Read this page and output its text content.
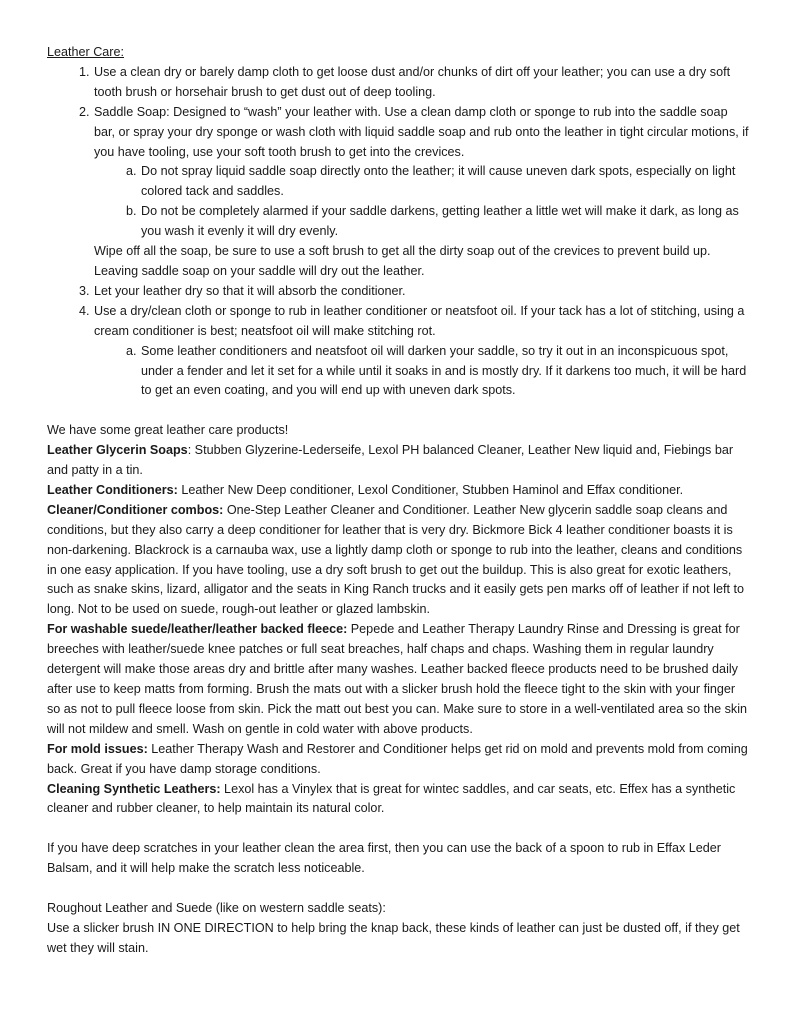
Leather Care:
1. Use a clean dry or barely damp cloth to get loose dust and/or chunks of dirt off your leather; you can use a dry soft tooth brush or horsehair brush to get dust out of deep tooling.
2. Saddle Soap: Designed to “wash” your leather with. Use a clean damp cloth or sponge to rub into the saddle soap bar, or spray your dry sponge or wash cloth with liquid saddle soap and rub onto the leather in tight circular motions, if you have tooling, use your soft tooth brush to get into the crevices.
a. Do not spray liquid saddle soap directly onto the leather; it will cause uneven dark spots, especially on light colored tack and saddles.
b. Do not be completely alarmed if your saddle darkens, getting leather a little wet will make it dark, as long as you wash it evenly it will dry evenly.
Wipe off all the soap, be sure to use a soft brush to get all the dirty soap out of the crevices to prevent build up. Leaving saddle soap on your saddle will dry out the leather.
3. Let your leather dry so that it will absorb the conditioner.
4. Use a dry/clean cloth or sponge to rub in leather conditioner or neatsfoot oil. If your tack has a lot of stitching, using a cream conditioner is best; neatsfoot oil will make stitching rot.
a. Some leather conditioners and neatsfoot oil will darken your saddle, so try it out in an inconspicuous spot, under a fender and let it set for a while until it soaks in and is mostly dry. If it darkens too much, it will be hard to get an even coating, and you will end up with uneven dark spots.

We have some great leather care products!

Leather Glycerin Soaps: Stubben Glyzerine-Lederseife, Lexol PH balanced Cleaner, Leather New liquid and, Fiebings bar and patty in a tin.

Leather Conditioners: Leather New Deep conditioner, Lexol Conditioner, Stubben Haminol and Effax conditioner.

Cleaner/Conditioner combos: One-Step Leather Cleaner and Conditioner. Leather New glycerin saddle soap cleans and conditions, but they also carry a deep conditioner for leather that is very dry. Bickmore Bick 4 leather conditioner boasts it is non-darkening. Blackrock is a carnauba wax, use a lightly damp cloth or sponge to rub into the leather, cleans and conditions in one easy application. If you have tooling, use a dry soft brush to get out the buildup. This is also great for exotic leathers, such as snake skins, lizard, alligator and the seats in King Ranch trucks and it easily gets pen marks off of leather if not left to long. Not to be used on suede, rough-out leather or glazed lambskin.

For washable suede/leather/leather backed fleece: Pepede and Leather Therapy Laundry Rinse and Dressing is great for breeches with leather/suede knee patches or full seat breaches, half chaps and chaps. Washing them in regular laundry detergent will make those areas dry and brittle after many washes. Leather backed fleece products need to be brushed daily after use to keep matts from forming. Brush the mats out with a slicker brush hold the fleece tight to the skin with your finger so as not to pull fleece loose from skin. Pick the matt out best you can. Make sure to store in a well-ventilated area so the skin will not mildew and smell. Wash on gentle in cold water with above products.

For mold issues: Leather Therapy Wash and Restorer and Conditioner helps get rid on mold and prevents mold from coming back. Great if you have damp storage conditions.

Cleaning Synthetic Leathers: Lexol has a Vinylex that is great for wintec saddles, and car seats, etc. Effex has a synthetic cleaner and rubber cleaner, to help maintain its natural color.

If you have deep scratches in your leather clean the area first, then you can use the back of a spoon to rub in Effax Leder Balsam, and it will help make the scratch less noticeable.

Roughout Leather and Suede (like on western saddle seats):

Use a slicker brush IN ONE DIRECTION to help bring the knap back, these kinds of leather can just be dusted off, if they get wet they will stain.
